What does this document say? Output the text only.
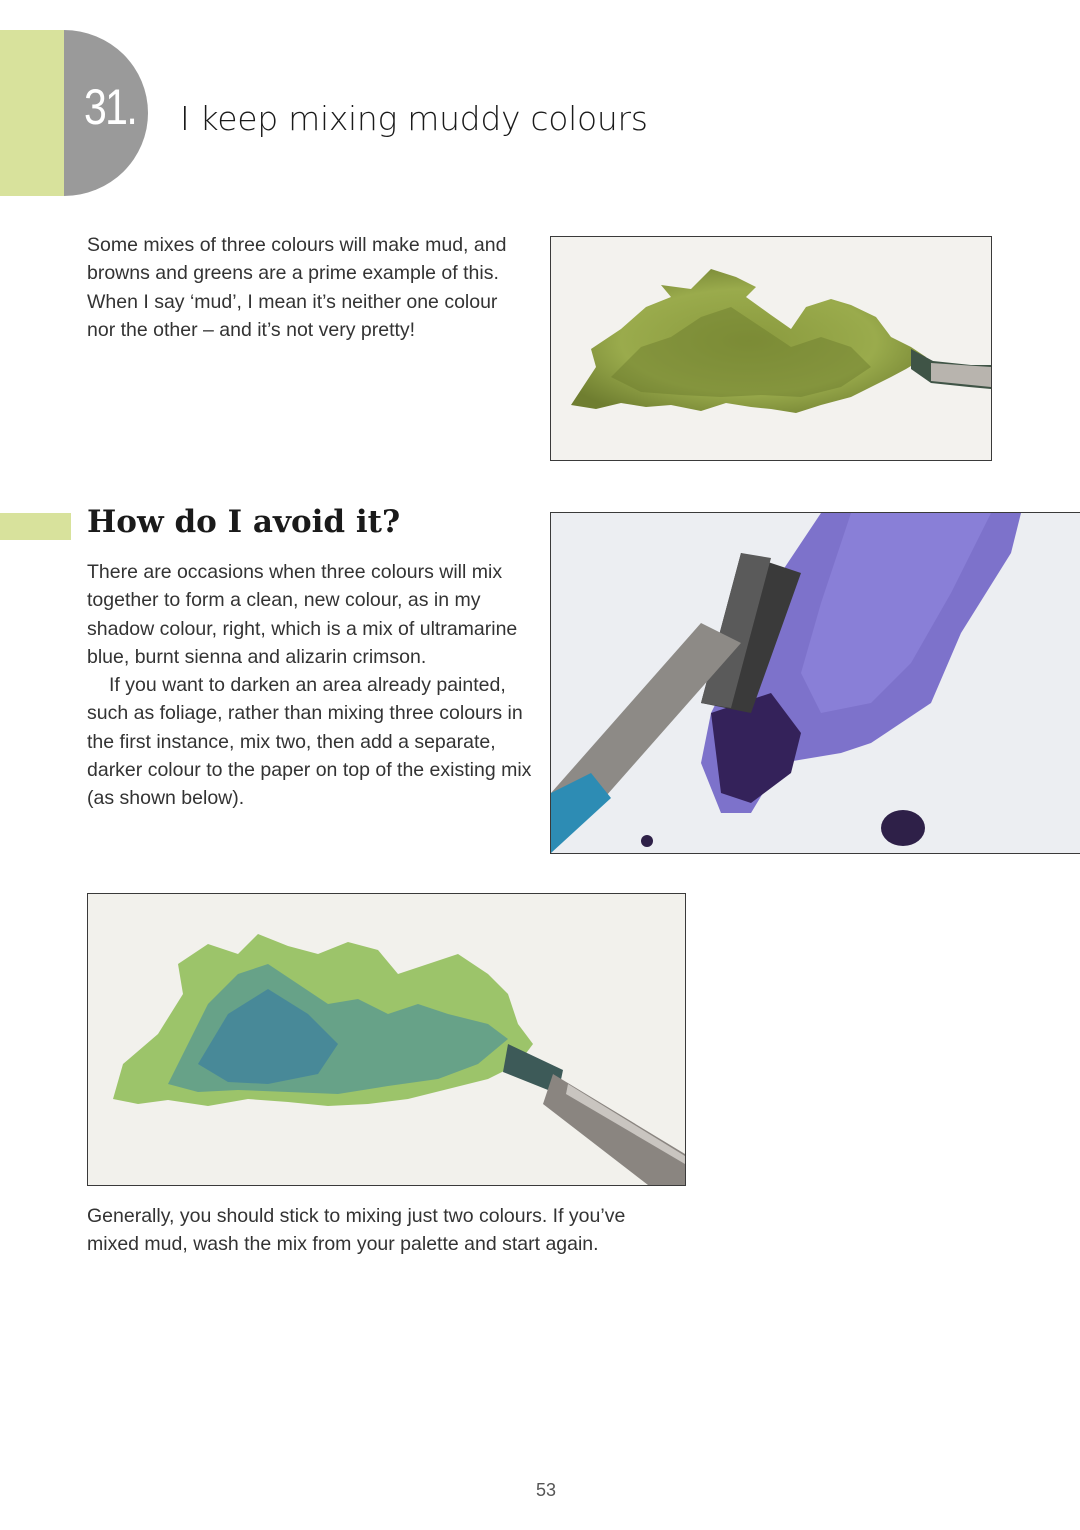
31. I keep mixing muddy colours

Some mixes of three colours will make mud, and browns and greens are a prime example of this. When I say ‘mud’, I mean it’s neither one colour nor the other – and it’s not very pretty!

How do I avoid it?
There are occasions when three colours will mix together to form a clean, new colour, as in my shadow colour, right, which is a mix of ultramarine blue, burnt sienna and alizarin crimson.
If you want to darken an area already painted, such as foliage, rather than mixing three colours in the first instance, mix two, then add a separate, darker colour to the paper on top of the existing mix (as shown below).

Generally, you should stick to mixing just two colours. If you’ve mixed mud, wash the mix from your palette and start again.

53
